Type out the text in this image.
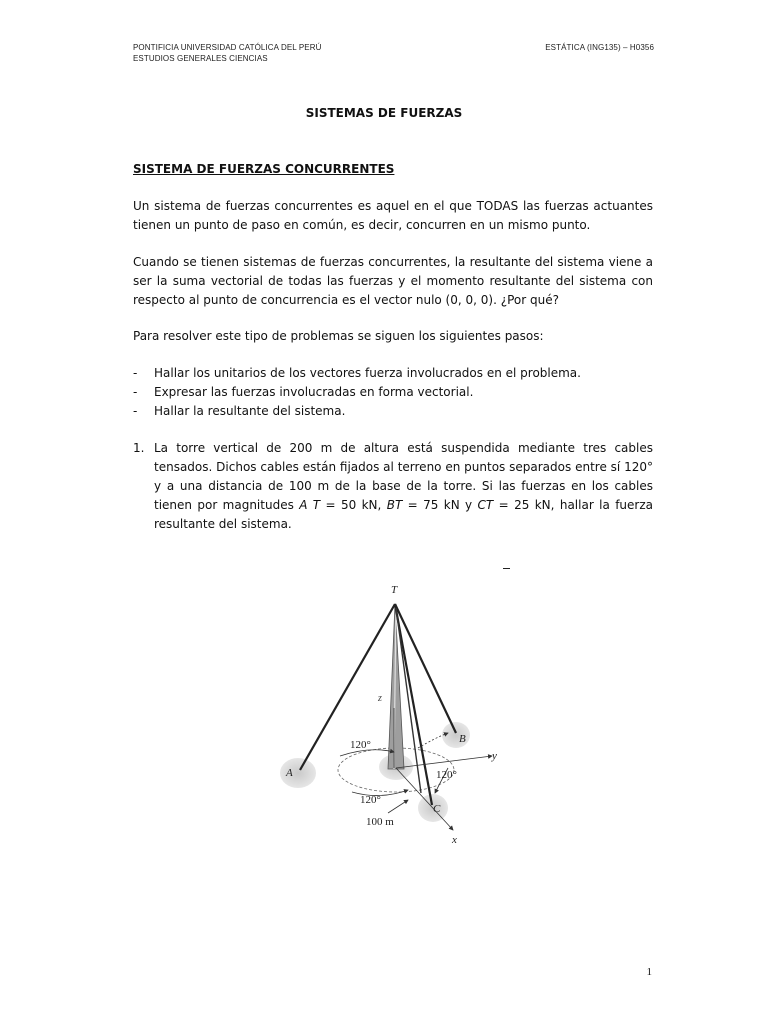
PONTIFICIA UNIVERSIDAD CATÓLICA DEL PERÚ
ESTUDIOS GENERALES CIENCIAS
ESTÁTICA (ING135) – H0356
SISTEMAS DE FUERZAS
SISTEMA DE FUERZAS CONCURRENTES
Un sistema de fuerzas concurrentes es aquel en el que TODAS las fuerzas actuantes tienen un punto de paso en común, es decir, concurren en un mismo punto.
Cuando se tienen sistemas de fuerzas concurrentes, la resultante del sistema viene a ser la suma vectorial de todas las fuerzas y el momento resultante del sistema con respecto al punto de concurrencia es el vector nulo (0, 0, 0). ¿Por qué?
Para resolver este tipo de problemas se siguen los siguientes pasos:
- Hallar los unitarios de los vectores fuerza involucrados en el problema.
- Expresar las fuerzas involucradas en forma vectorial.
- Hallar la resultante del sistema.
1. La torre vertical de 200 m de altura está suspendida mediante tres cables tensados. Dichos cables están fijados al terreno en puntos separados entre sí 120° y a una distancia de 100 m de la base de la torre. Si las fuerzas en los cables tienen por magnitudes A T = 50 kN, BT = 75 kN y CT = 25 kN, hallar la fuerza resultante del sistema.
T
z
A
B
C
y
x
120°
120°
120°
100 m
1
